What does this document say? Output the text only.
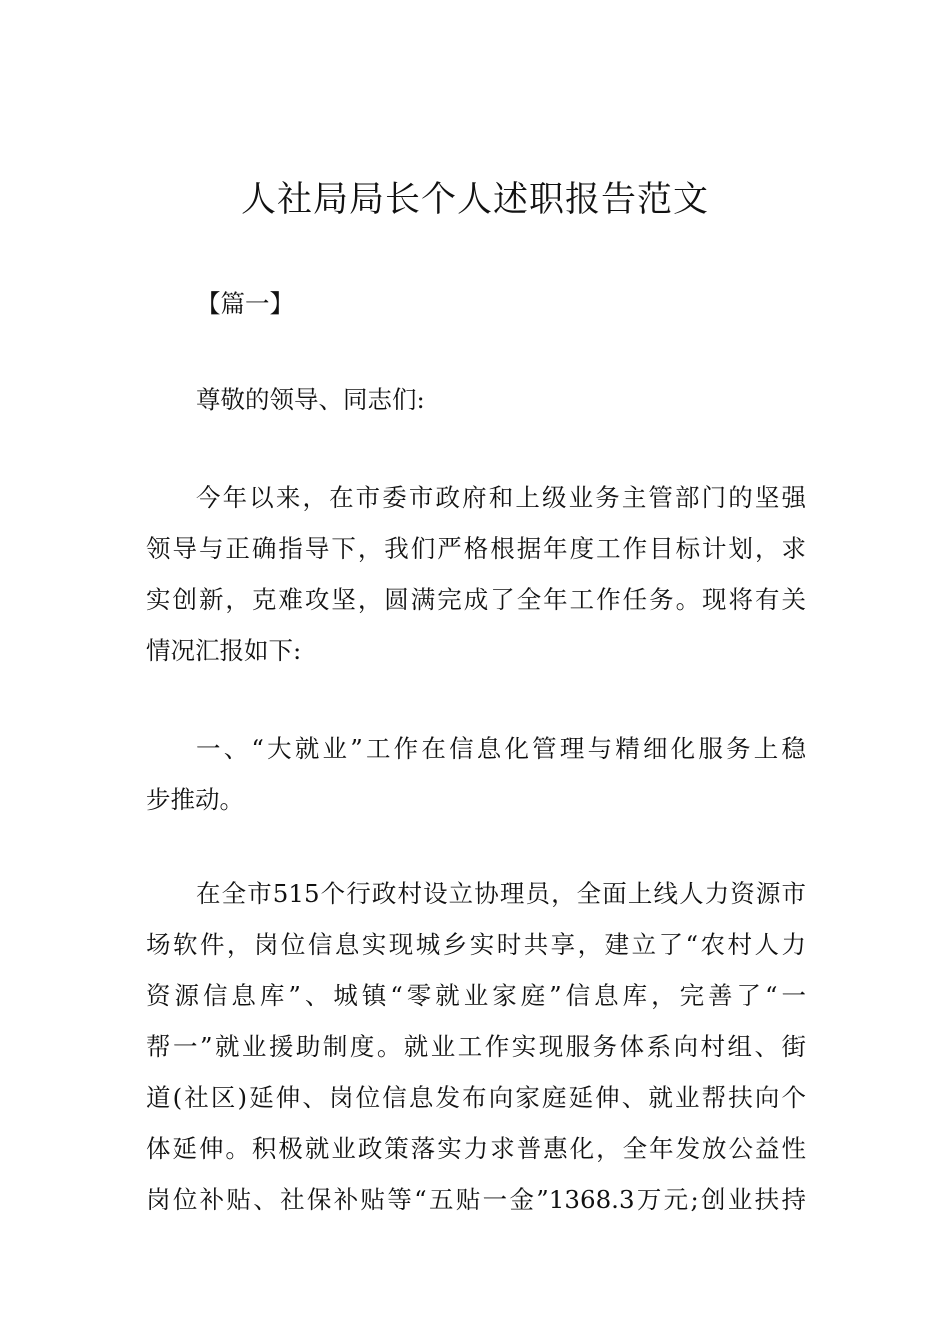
人社局局长个人述职报告范文
【篇一】
尊敬的领导、同志们:
今年以来，在市委市政府和上级业务主管部门的坚强
领导与正确指导下，我们严格根据年度工作目标计划，求
实创新，克难攻坚，圆满完成了全年工作任务。现将有关
情况汇报如下:
一、“大就业”工作在信息化管理与精细化服务上稳
步推动。
在全市515个行政村设立协理员，全面上线人力资源市
场软件，岗位信息实现城乡实时共享，建立了“农村人力
资源信息库”、城镇“零就业家庭”信息库，完善了“一
帮一”就业援助制度。就业工作实现服务体系向村组、街
道(社区)延伸、岗位信息发布向家庭延伸、就业帮扶向个
体延伸。积极就业政策落实力求普惠化，全年发放公益性
岗位补贴、社保补贴等“五贴一金”1368.3万元;创业扶持
